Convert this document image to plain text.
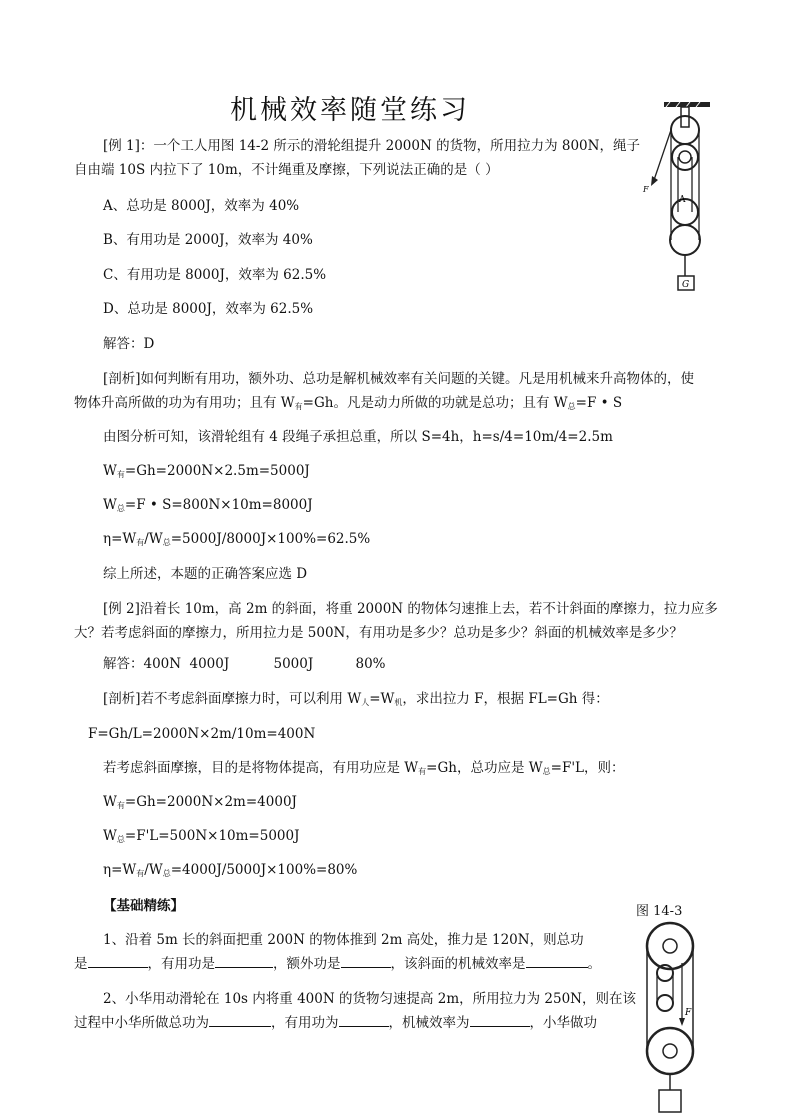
机械效率随堂练习
[例 1]：一个工人用图 14-2 所示的滑轮组提升 2000N 的货物，所用拉力为 800N，绳子
自由端 10S 内拉下了 10m，不计绳重及摩擦，下列说法正确的是（ ）
A、总功是 8000J，效率为 40%
B、有用功是 2000J，效率为 40%
C、有用功是 8000J，效率为 62.5%
D、总功是 8000J，效率为 62.5%
解答：D
[剖析]如何判断有用功，额外功、总功是解机械效率有关问题的关键。凡是用机械来升高物体的，使
物体升高所做的功为有用功；且有 $W_有=Gh$。凡是动力所做的功就是总功；且有 $W_总=F$ • S
由图分析可知，该滑轮组有 4 段绳子承担总重，所以 S=4h，h=s/4=10m/4=2.5m
$W_有=Gh=2000N\times 2.5m=5000J$
$W_总=F$ • S=800N×10m=8000J
$\eta=W_有/W_总=5000J/8000J\times 100\%=62.5\%$
综上所述，本题的正确答案应选 D
[例 2]沿着长 10m，高 2m 的斜面，将重 2000N 的物体匀速推上去，若不计斜面的摩擦力，拉力应多
大？若考虑斜面的摩擦力，所用拉力是 500N，有用功是多少？总功是多少？斜面的机械效率是多少？
解答：400N 4000J	5000J	80%
[剖析]若不考虑斜面摩擦力时，可以利用 $W_人=W_机$，求出拉力 F，根据 FL=Gh 得：
F=Gh/L=2000N×2m/10m=400N
若考虑斜面摩擦，目的是将物体提高，有用功应是 $W_有=Gh$，总功应是 $W_总=F'L$，则：
$W_有=Gh=2000N\times 2m=4000J$
$W_总=F'L=500N\times 10m=5000J$
$\eta=W_有/W_总=4000J/5000J\times 100\%=80\%$
【基础精练】
1、沿着 5m 长的斜面把重 200N 的物体推到 2m 高处，推力是 120N，则总功
是	，有用功是	，额外功是	，该斜面的机械效率是	。
2、小华用动滑轮在 10s 内将重 400N 的货物匀速提高 2m，所用拉力为 250N，则在该
过程中小华所做总功为	，有用功为	，机械效率为	，小华做功
F
A
G
图 14-3
F
